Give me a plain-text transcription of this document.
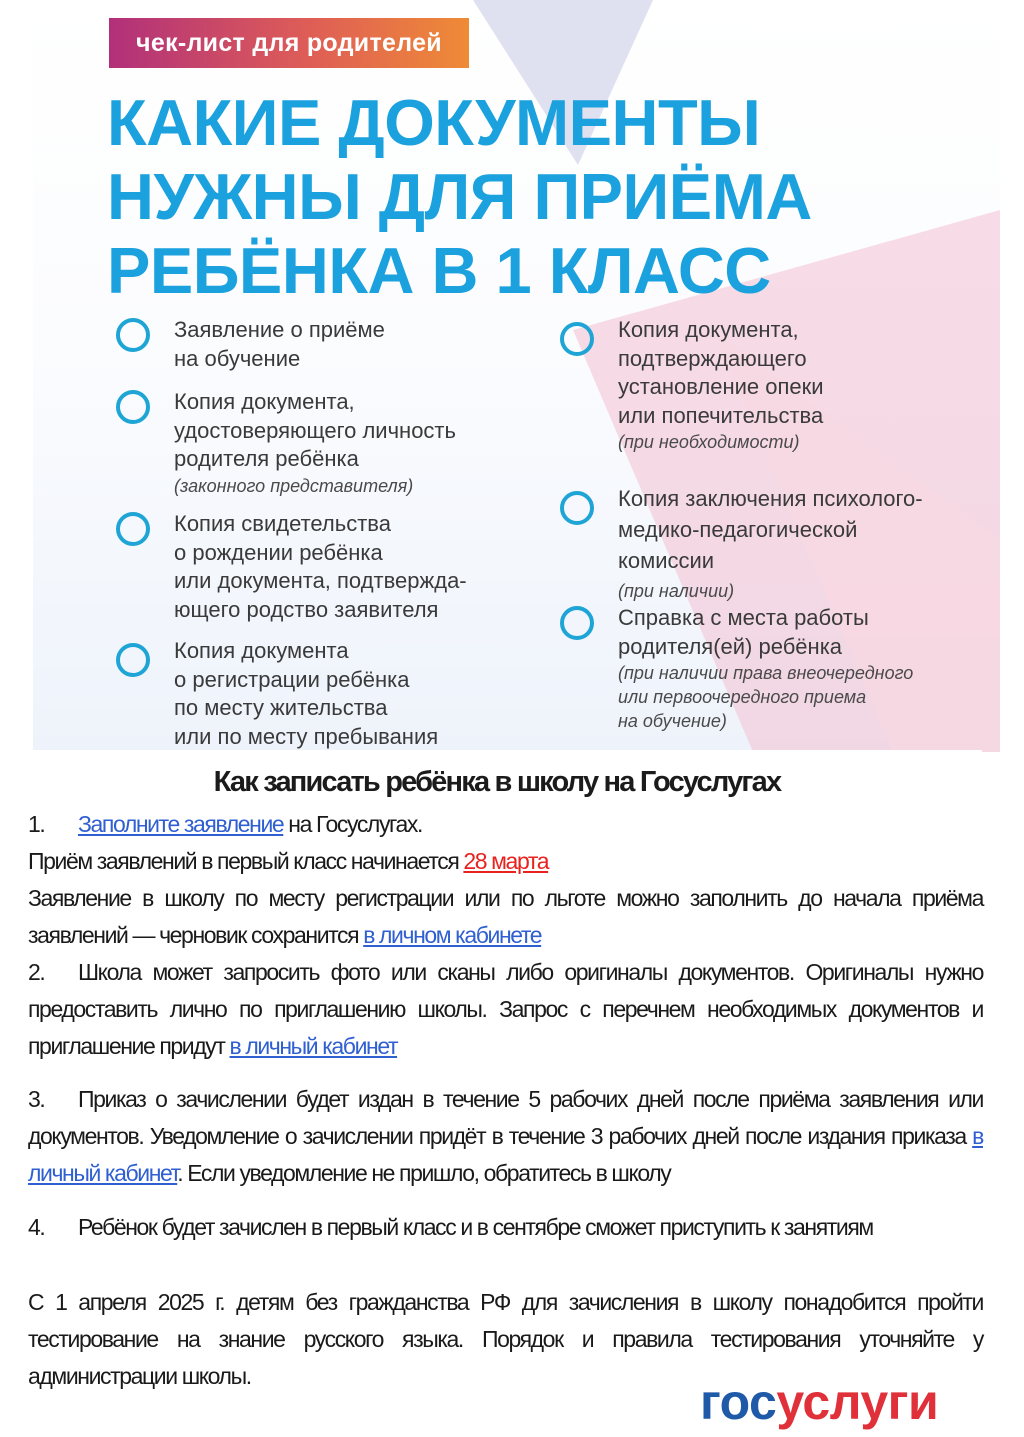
чек-лист для родителей
КАКИЕ ДОКУМЕНТЫ
НУЖНЫ ДЛЯ ПРИЁМА
РЕБЁНКА В 1 КЛАСС
Заявление о приёме
на обучение
Копия документа,
удостоверяющего личность
родителя ребёнка
(законного представителя)
Копия свидетельства
о рождении ребёнка
или документа, подтвержда-
ющего родство заявителя
Копия документа
о регистрации ребёнка
по месту жительства
или по месту пребывания
Копия документа,
подтверждающего
установление опеки
или попечительства
(при необходимости)
Копия заключения психолого-
медико-педагогической
комиссии
(при наличии)
Справка с места работы
родителя(ей) ребёнка
(при наличии права внеочередного
или первоочередного приема
на обучение)
Как записать ребёнка в школу на Госуслугах
1. Заполните заявление на Госуслугах.
Приём заявлений в первый класс начинается 28 марта
Заявление в школу по месту регистрации или по льготе можно заполнить до начала приёма заявлений — черновик сохранится в личном кабинете
2. Школа может запросить фото или сканы либо оригиналы документов. Оригиналы нужно предоставить лично по приглашению школы. Запрос с перечнем необходимых документов и приглашение придут в личный кабинет
3. Приказ о зачислении будет издан в течение 5 рабочих дней после приёма заявления или документов. Уведомление о зачислении придёт в течение 3 рабочих дней после издания приказа в личный кабинет. Если уведомление не пришло, обратитесь в школу
4. Ребёнок будет зачислен в первый класс и в сентябре сможет приступить к занятиям
С 1 апреля 2025 г. детям без гражданства РФ для зачисления в школу понадобится пройти тестирование на знание русского языка. Порядок и правила тестирования уточняйте у администрации школы.	госуслуги
